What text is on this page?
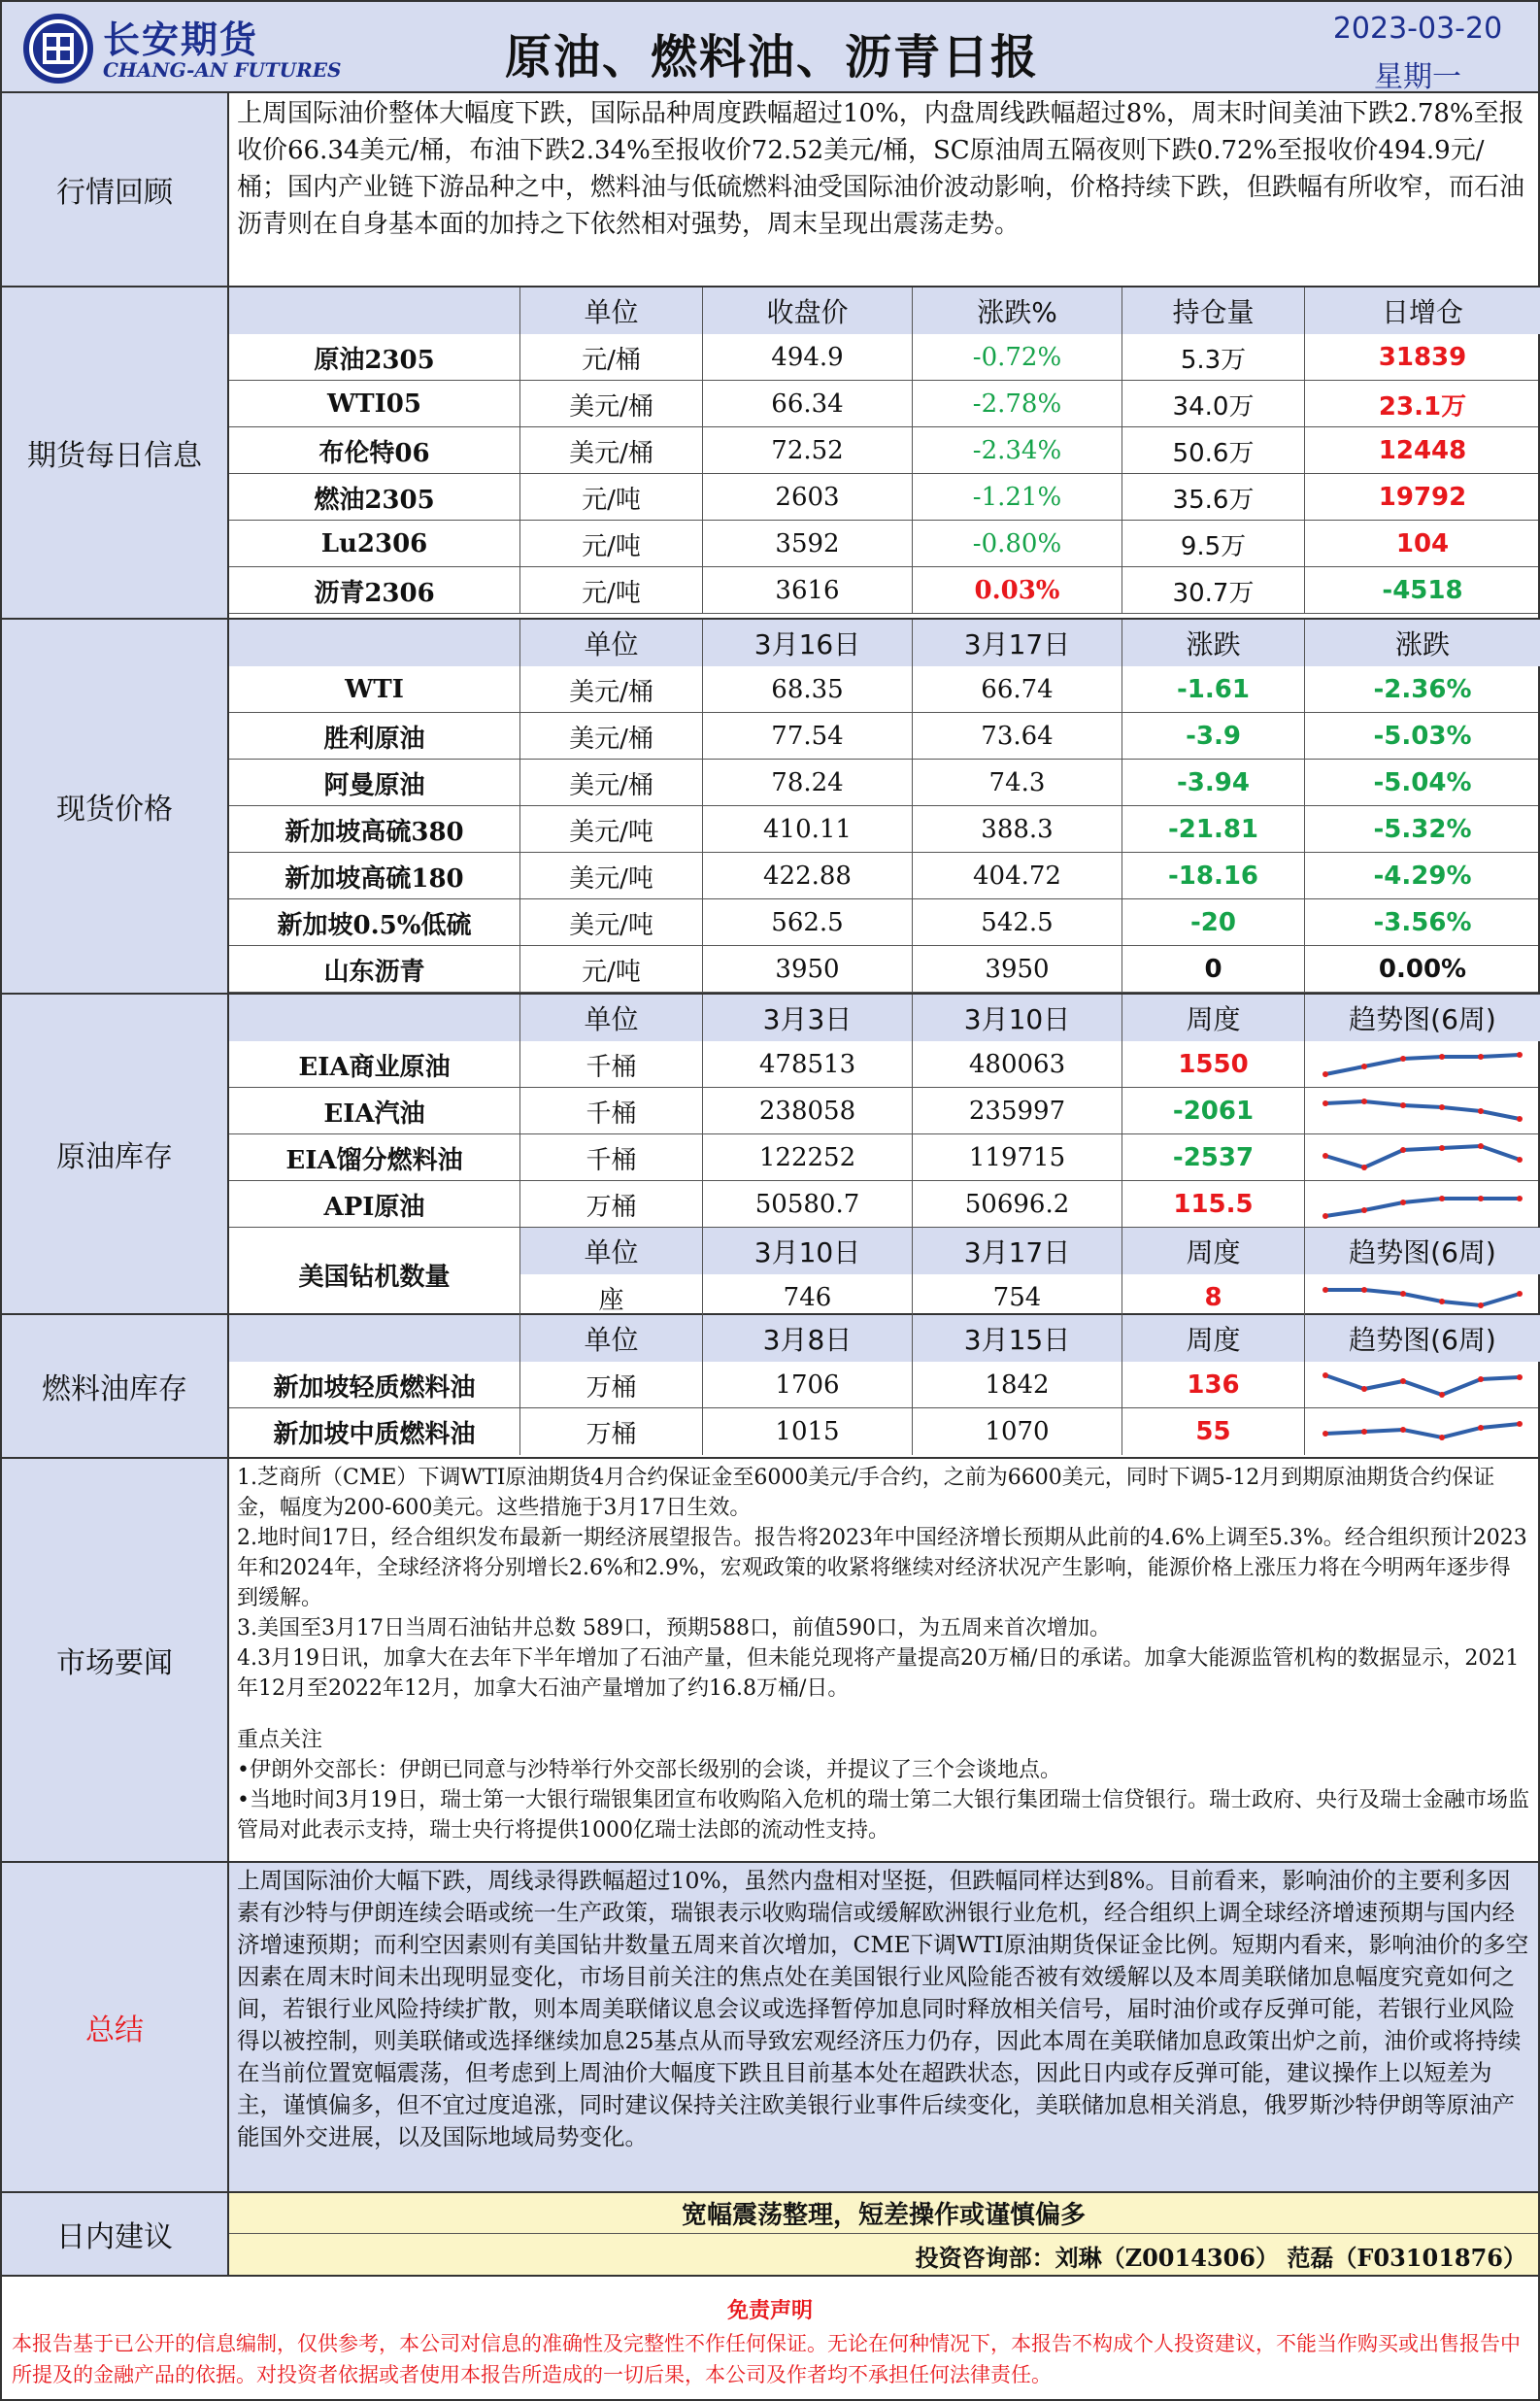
长安期货
CHANG-AN FUTURES	原油、燃料油、沥青日报
2023-03-20
星期一
行情回顾
上周国际油价整体大幅度下跌，国际品种周度跌幅超过10%，内盘周线跌幅超过8%，周末时间美油下跌2.78%至报收价66.34美元/桶，布油下跌2.34%至报收价72.52美元/桶，SC原油周五隔夜则下跌0.72%至报收价494.9元/桶；国内产业链下游品种之中，燃料油与低硫燃料油受国际油价波动影响，价格持续下跌，但跌幅有所收窄，而石油沥青则在自身基本面的加持之下依然相对强势，周末呈现出震荡走势。
期货每日信息
单位	收盘价	涨跌%	持仓量	日增仓
原油2305	元/桶	494.9	-0.72%	5.3万	31839
WTI05	美元/桶	66.34	-2.78%	34.0万	23.1万
布伦特06	美元/桶	72.52	-2.34%	50.6万	12448
燃油2305	元/吨	2603	-1.21%	35.6万	19792
Lu2306	元/吨	3592	-0.80%	9.5万	104
沥青2306	元/吨	3616	0.03%	30.7万	-4518
现货价格
单位	3月16日	3月17日	涨跌	涨跌
WTI	美元/桶	68.35	66.74	-1.61	-2.36%
胜利原油	美元/桶	77.54	73.64	-3.9	-5.03%
阿曼原油	美元/桶	78.24	74.3	-3.94	-5.04%
新加坡高硫380	美元/吨	410.11	388.3	-21.81	-5.32%
新加坡高硫180	美元/吨	422.88	404.72	-18.16	-4.29%
新加坡0.5%低硫	美元/吨	562.5	542.5	-20	-3.56%
山东沥青	元/吨	3950	3950	0	0.00%
原油库存
单位	3月3日	3月10日	周度	趋势图(6周)
EIA商业原油	千桶	478513	480063	1550
EIA汽油	千桶	238058	235997	-2061
EIA馏分燃料油	千桶	122252	119715	-2537
API原油	万桶	50580.7	50696.2	115.5
美国钻机数量
单位	3月10日	3月17日	周度	趋势图(6周)
座	746	754	8
燃料油库存
单位	3月8日	3月15日	周度	趋势图(6周)
新加坡轻质燃料油	万桶	1706	1842	136
新加坡中质燃料油	万桶	1015	1070	55
市场要闻
1.芝商所（CME）下调WTI原油期货4月合约保证金至6000美元/手合约，之前为6600美元，同时下调5-12月到期原油期货合约保证金，幅度为200-600美元。这些措施于3月17日生效。
2.地时间17日，经合组织发布最新一期经济展望报告。报告将2023年中国经济增长预期从此前的4.6%上调至5.3%。经合组织预计2023年和2024年，全球经济将分别增长2.6%和2.9%，宏观政策的收紧将继续对经济状况产生影响，能源价格上涨压力将在今明两年逐步得到缓解。
3.美国至3月17日当周石油钻井总数 589口，预期588口，前值590口，为五周来首次增加。
4.3月19日讯，加拿大在去年下半年增加了石油产量，但未能兑现将产量提高20万桶/日的承诺。加拿大能源监管机构的数据显示，2021年12月至2022年12月，加拿大石油产量增加了约16.8万桶/日。
重点关注
•伊朗外交部长：伊朗已同意与沙特举行外交部长级别的会谈，并提议了三个会谈地点。
•当地时间3月19日，瑞士第一大银行瑞银集团宣布收购陷入危机的瑞士第二大银行集团瑞士信贷银行。瑞士政府、央行及瑞士金融市场监管局对此表示支持，瑞士央行将提供1000亿瑞士法郎的流动性支持。
总结
上周国际油价大幅下跌，周线录得跌幅超过10%，虽然内盘相对坚挺，但跌幅同样达到8%。目前看来，影响油价的主要利多因素有沙特与伊朗连续会晤或统一生产政策，瑞银表示收购瑞信或缓解欧洲银行业危机，经合组织上调全球经济增速预期与国内经济增速预期；而利空因素则有美国钻井数量五周来首次增加，CME下调WTI原油期货保证金比例。短期内看来，影响油价的多空因素在周末时间未出现明显变化，市场目前关注的焦点处在美国银行业风险能否被有效缓解以及本周美联储加息幅度究竟如何之间，若银行业风险持续扩散，则本周美联储议息会议或选择暂停加息同时释放相关信号，届时油价或存反弹可能，若银行业风险得以被控制，则美联储或选择继续加息25基点从而导致宏观经济压力仍存，因此本周在美联储加息政策出炉之前，油价或将持续在当前位置宽幅震荡，但考虑到上周油价大幅度下跌且目前基本处在超跌状态，因此日内或存反弹可能，建议操作上以短差为主，谨慎偏多，但不宜过度追涨，同时建议保持关注欧美银行业事件后续变化，美联储加息相关消息，俄罗斯沙特伊朗等原油产能国外交进展，以及国际地域局势变化。
日内建议
宽幅震荡整理，短差操作或谨慎偏多
投资咨询部：刘琳（Z0014306） 范磊（F03101876）
免责声明
本报告基于已公开的信息编制，仅供参考，本公司对信息的准确性及完整性不作任何保证。无论在何种情况下，本报告不构成个人投资建议，不能当作购买或出售报告中所提及的金融产品的依据。对投资者依据或者使用本报告所造成的一切后果，本公司及作者均不承担任何法律责任。
